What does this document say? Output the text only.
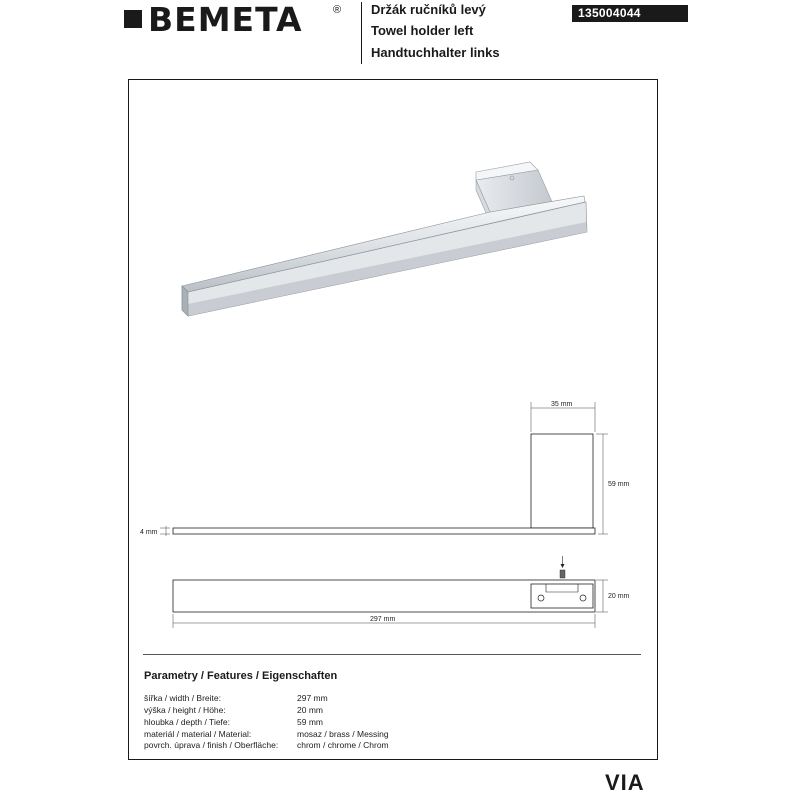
BEMETA	® Držák ručníků levý
Towel holder left
Handtuchhalter links
135004044
35 mm
59 mm
4 mm
20 mm
297 mm
Parametry / Features / Eigenschaften
šířka / width / Breite:	297 mm
výška / height / Höhe:	20 mm
hloubka / depth / Tiefe:	59 mm
materiál / material / Material:	mosaz / brass / Messing
povrch. úprava / finish / Oberfläche: chrom / chrome / Chrom
VIA
